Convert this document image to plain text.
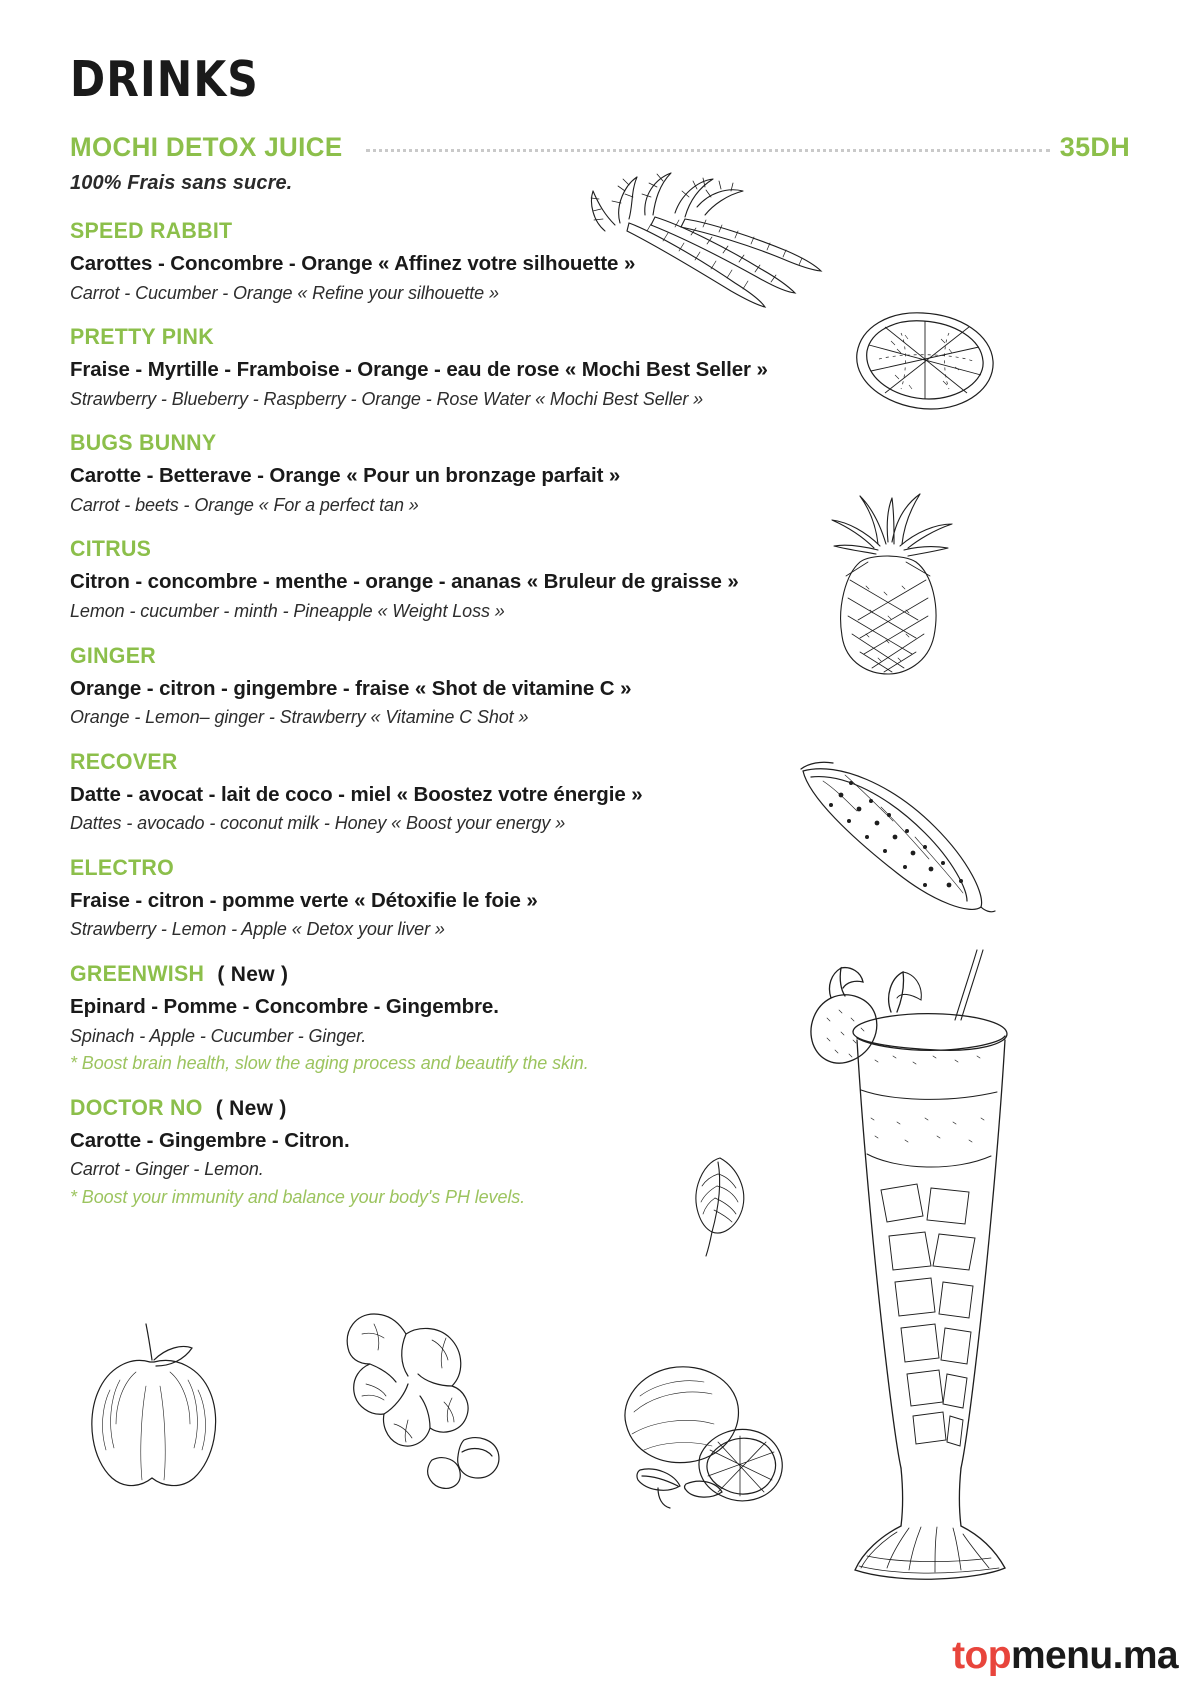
DRINKS
MOCHI DETOX JUICE	35DH
100% Frais sans sucre.
SPEED RABBIT
Carottes - Concombre - Orange « Affinez votre silhouette »
Carrot - Cucumber - Orange « Refine your silhouette »
PRETTY PINK
Fraise - Myrtille - Framboise - Orange - eau de rose « Mochi Best Seller »
Strawberry - Blueberry - Raspberry - Orange - Rose Water « Mochi Best Seller »
BUGS BUNNY
Carotte - Betterave - Orange « Pour un bronzage parfait »
Carrot - beets - Orange « For a perfect tan »
CITRUS
Citron - concombre - menthe - orange - ananas « Bruleur de graisse »
Lemon - cucumber - minth - Pineapple « Weight Loss »
GINGER
Orange - citron - gingembre - fraise « Shot de vitamine C »
Orange - Lemon– ginger - Strawberry « Vitamine C Shot »
RECOVER
Datte - avocat - lait de coco - miel « Boostez votre énergie »
Dattes - avocado - coconut milk - Honey « Boost your energy »
ELECTRO
Fraise - citron - pomme verte « Détoxifie le foie »
Strawberry - Lemon - Apple « Detox your liver »
GREENWISH ( New )
Epinard - Pomme - Concombre - Gingembre.
Spinach - Apple - Cucumber - Ginger.
* Boost brain health, slow the aging process and beautify the skin.
DOCTOR NO ( New )
Carotte - Gingembre - Citron.
Carrot - Ginger - Lemon.
* Boost your immunity and balance your body's PH levels.
topmenu.ma
